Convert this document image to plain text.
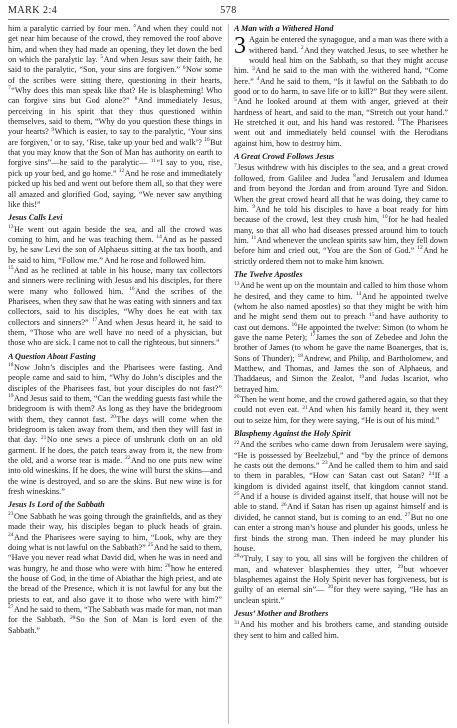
MARK 2:4	578

him a paralytic carried by four men. $^4$And when they could not get near him because of the crowd, they removed the roof above him, and when they had made an opening, they let down the bed on which the paralytic lay. $^5$And when Jesus saw their faith, he said to the paralytic, “Son, your sins are forgiven.” $^6$Now some of the scribes were sitting there, questioning in their hearts, $^7$“Why does this man speak like that? He is blaspheming! Who can forgive sins but God alone?” $^8$And immediately Jesus, perceiving in his spirit that they thus questioned within themselves, said to them, “Why do you question these things in your hearts? $^9$Which is easier, to say to the paralytic, ‘Your sins are forgiven,’ or to say, ‘Rise, take up your bed and walk’? $^{10}$But that you may know that the Son of Man has authority on earth to forgive sins”—he said to the paralytic— $^{11}$“I say to you, rise, pick up your bed, and go home.” $^{12}$And he rose and immediately picked up his bed and went out before them all, so that they were all amazed and glorified God, saying, “We never saw anything like this!”

Jesus Calls Levi

$^{13}$He went out again beside the sea, and all the crowd was coming to him, and he was teaching them. $^{14}$And as he passed by, he saw Levi the son of Alphaeus sitting at the tax booth, and he said to him, “Follow me.” And he rose and followed him.

$^{15}$And as he reclined at table in his house, many tax collectors and sinners were reclining with Jesus and his disciples, for there were many who followed him. $^{16}$And the scribes of the Pharisees, when they saw that he was eating with sinners and tax collectors, said to his disciples, “Why does he eat with tax collectors and sinners?” $^{17}$And when Jesus heard it, he said to them, “Those who are well have no need of a physician, but those who are sick. I came not to call the righteous, but sinners.”

A Question About Fasting

$^{18}$Now John’s disciples and the Pharisees were fasting. And people came and said to him, “Why do John’s disciples and the disciples of the Pharisees fast, but your disciples do not fast?” $^{19}$And Jesus said to them, “Can the wedding guests fast while the bridegroom is with them? As long as they have the bridegroom with them, they cannot fast. $^{20}$The days will come when the bridegroom is taken away from them, and then they will fast in that day. $^{21}$No one sews a piece of unshrunk cloth on an old garment. If he does, the patch tears away from it, the new from the old, and a worse tear is made. $^{22}$And no one puts new wine into old wineskins. If he does, the wine will burst the skins—and the wine is destroyed, and so are the skins. But new wine is for fresh wineskins.”

Jesus Is Lord of the Sabbath

$^{23}$One Sabbath he was going through the grainfields, and as they made their way, his disciples began to pluck heads of grain. $^{24}$And the Pharisees were saying to him, “Look, why are they doing what is not lawful on the Sabbath?” $^{25}$And he said to them, “Have you never read what David did, when he was in need and was hungry, he and those who were with him: $^{26}$how he entered the house of God, in the time of Abiathar the high priest, and ate the bread of the Presence, which it is not lawful for any but the priests to eat, and also gave it to those who were with him?” $^{27}$And he said to them, “The Sabbath was made for man, not man for the Sabbath. $^{28}$So the Son of Man is lord even of the Sabbath.”

A Man with a Withered Hand

3 Again he entered the synagogue, and a man was there with a withered hand. $^2$And they watched Jesus, to see whether he would heal him on the Sabbath, so that they might accuse him. $^3$And he said to the man with the withered hand, “Come here.” $^4$And he said to them, “Is it lawful on the Sabbath to do good or to do harm, to save life or to kill?” But they were silent. $^5$And he looked around at them with anger, grieved at their hardness of heart, and said to the man, “Stretch out your hand.” He stretched it out, and his hand was restored. $^6$The Pharisees went out and immediately held counsel with the Herodians against him, how to destroy him.

A Great Crowd Follows Jesus

$^7$Jesus withdrew with his disciples to the sea, and a great crowd followed, from Galilee and Judea $^8$and Jerusalem and Idumea and from beyond the Jordan and from around Tyre and Sidon. When the great crowd heard all that he was doing, they came to him. $^9$And he told his disciples to have a boat ready for him because of the crowd, lest they crush him, $^{10}$for he had healed many, so that all who had diseases pressed around him to touch him. $^{11}$And whenever the unclean spirits saw him, they fell down before him and cried out, “You are the Son of God.” $^{12}$And he strictly ordered them not to make him known.

The Twelve Apostles

$^{13}$And he went up on the mountain and called to him those whom he desired, and they came to him. $^{14}$And he appointed twelve (whom he also named apostles) so that they might be with him and he might send them out to preach $^{15}$and have authority to cast out demons. $^{16}$He appointed the twelve: Simon (to whom he gave the name Peter); $^{17}$James the son of Zebedee and John the brother of James (to whom he gave the name Boanerges, that is, Sons of Thunder); $^{18}$Andrew, and Philip, and Bartholomew, and Matthew, and Thomas, and James the son of Alphaeus, and Thaddaeus, and Simon the Zealot, $^{19}$and Judas Iscariot, who betrayed him.

$^{20}$Then he went home, and the crowd gathered again, so that they could not even eat. $^{21}$And when his family heard it, they went out to seize him, for they were saying, “He is out of his mind.”

Blasphemy Against the Holy Spirit

$^{22}$And the scribes who came down from Jerusalem were saying, “He is possessed by Beelzebul,” and “by the prince of demons he casts out the demons.” $^{23}$And he called them to him and said to them in parables, “How can Satan cast out Satan? $^{24}$If a kingdom is divided against itself, that kingdom cannot stand. $^{25}$And if a house is divided against itself, that house will not be able to stand. $^{26}$And if Satan has risen up against himself and is divided, he cannot stand, but is coming to an end. $^{27}$But no one can enter a strong man’s house and plunder his goods, unless he first binds the strong man. Then indeed he may plunder his house.

$^{28}$“Truly, I say to you, all sins will be forgiven the children of man, and whatever blasphemies they utter, $^{29}$but whoever blasphemes against the Holy Spirit never has forgiveness, but is guilty of an eternal sin”— $^{30}$for they were saying, “He has an unclean spirit.”

Jesus’ Mother and Brothers

$^{31}$And his mother and his brothers came, and standing outside they sent to him and called him.
